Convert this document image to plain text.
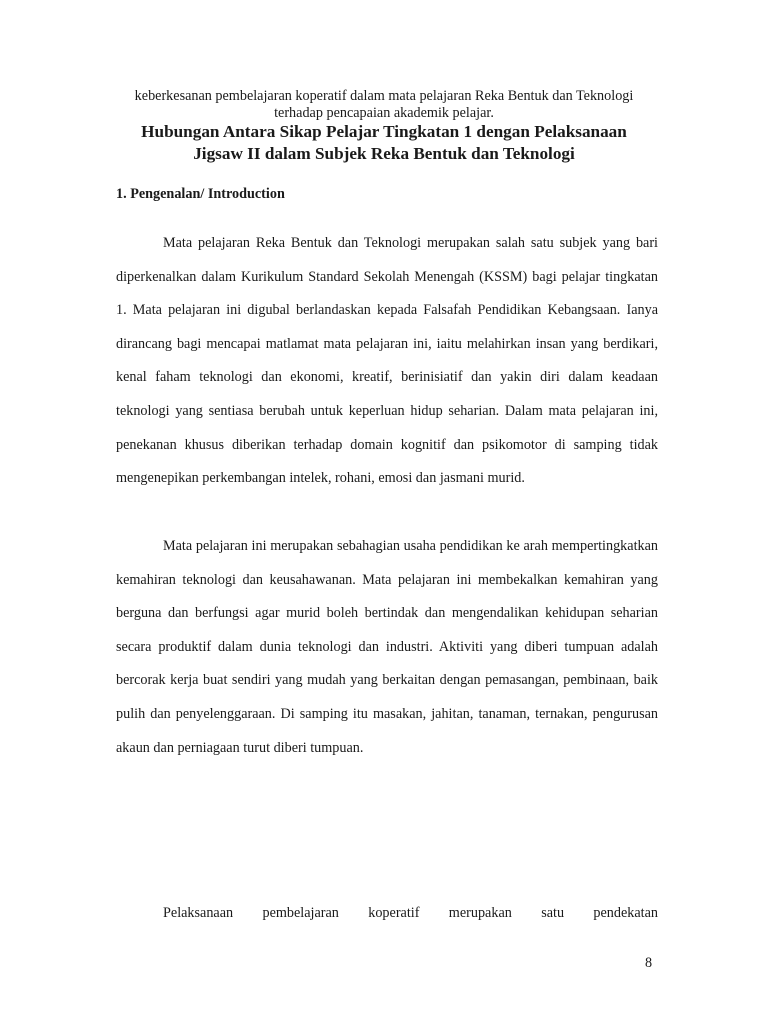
keberkesanan pembelajaran koperatif dalam mata pelajaran Reka Bentuk dan Teknologi terhadap pencapaian akademik pelajar.
Hubungan Antara Sikap Pelajar Tingkatan 1 dengan Pelaksanaan
Jigsaw II dalam Subjek Reka Bentuk dan Teknologi
1. Pengenalan/ Introduction

Mata pelajaran Reka Bentuk dan Teknologi merupakan salah satu subjek yang bari diperkenalkan dalam Kurikulum Standard Sekolah Menengah (KSSM) bagi pelajar tingkatan 1. Mata pelajaran ini digubal berlandaskan kepada Falsafah Pendidikan Kebangsaan. Ianya dirancang bagi mencapai matlamat mata pelajaran ini, iaitu melahirkan insan yang berdikari, kenal faham teknologi dan ekonomi, kreatif, berinisiatif dan yakin diri dalam keadaan teknologi yang sentiasa berubah untuk keperluan hidup seharian. Dalam mata pelajaran ini, penekanan khusus diberikan terhadap domain kognitif dan psikomotor di samping tidak mengenepikan perkembangan intelek, rohani, emosi dan jasmani murid.

Mata pelajaran ini merupakan sebahagian usaha pendidikan ke arah mempertingkatkan kemahiran teknologi dan keusahawanan. Mata pelajaran ini membekalkan kemahiran yang berguna dan berfungsi agar murid boleh bertindak dan mengendalikan kehidupan seharian secara produktif dalam dunia teknologi dan industri. Aktiviti yang diberi tumpuan adalah bercorak kerja buat sendiri yang mudah yang berkaitan dengan pemasangan, pembinaan, baik pulih dan penyelenggaraan. Di samping itu masakan, jahitan, tanaman, ternakan, pengurusan akaun dan perniagaan turut diberi tumpuan.

Pelaksanaan pembelajaran koperatif merupakan satu pendekatan

8
